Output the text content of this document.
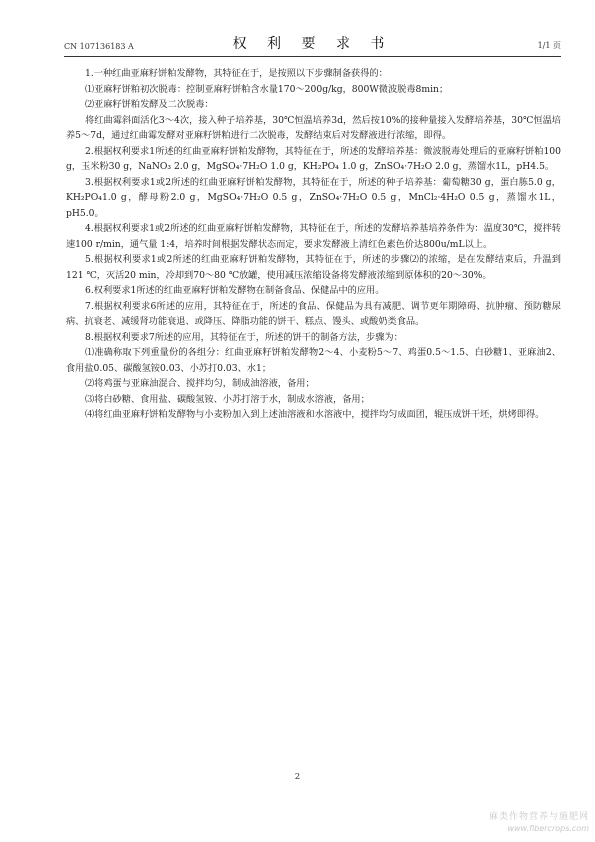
CN 107136183 A	权 利 要 求 书	1/1 页

1.一种红曲亚麻籽饼粕发酵物，其特征在于，是按照以下步骤制备获得的：

⑴亚麻籽饼粕初次脱毒：控制亚麻籽饼粕含水量170～200g/kg，800W微波脱毒8min；

⑵亚麻籽饼粕发酵及二次脱毒：

将红曲霉斜面活化3～4次，接入种子培养基，30℃恒温培养3d，然后按10%的接种量接入发酵培养基，30℃恒温培养5～7d，通过红曲霉发酵对亚麻籽饼粕进行二次脱毒，发酵结束后对发酵液进行浓缩，即得。

2.根据权利要求1所述的红曲亚麻籽饼粕发酵物，其特征在于，所述的发酵培养基：微波脱毒处理后的亚麻籽饼粕100 g，玉米粉30 g，NaNO₃ 2.0 g，MgSO₄·7H₂O 1.0 g，KH₂PO₄ 1.0 g，ZnSO₄·7H₂O 2.0 g，蒸馏水1L，pH4.5。

3.根据权利要求1或2所述的红曲亚麻籽饼粕发酵物，其特征在于，所述的种子培养基：葡萄糖30 g，蛋白胨5.0 g，KH₂PO₄1.0 g，酵母粉2.0 g，MgSO₄·7H₂O 0.5 g，ZnSO₄·7H₂O 0.5 g，MnCl₂·4H₂O 0.5 g，蒸馏水1L，pH5.0。

4.根据权利要求1或2所述的红曲亚麻籽饼粕发酵物，其特征在于，所述的发酵培养基培养条件为：温度30℃，搅拌转速100 r/min，通气量 1:4，培养时间根据发酵状态而定，要求发酵液上清红色素色价达800u/mL以上。

5.根据权利要求1或2所述的红曲亚麻籽饼粕发酵物，其特征在于，所述的步骤⑵的浓缩，是在发酵结束后，升温到121 ℃，灭活20 min，冷却到70～80 ℃放罐，使用减压浓缩设备将发酵液浓缩到原体积的20～30%。

6.权利要求1所述的红曲亚麻籽饼粕发酵物在制备食品、保健品中的应用。

7.根据权利要求6所述的应用，其特征在于，所述的食品、保健品为具有减肥、调节更年期障碍、抗肿瘤、预防糖尿病、抗衰老、减缓肾功能衰退、或降压、降脂功能的饼干、糕点、馒头、或酸奶类食品。

8.根据权利要求7所述的应用，其特征在于，所述的饼干的制备方法，步骤为：

⑴准确称取下列重量份的各组分：红曲亚麻籽饼粕发酵物2～4、小麦粉5～7、鸡蛋0.5～1.5、白砂糖1、亚麻油2、食用盐0.05、碳酸氢铵0.03、小苏打0.03、水1；

⑵将鸡蛋与亚麻油混合、搅拌均匀，制成油溶液，备用；

⑶将白砂糖、食用盐、碳酸氢铵、小苏打溶于水，制成水溶液，备用；

⑷将红曲亚麻籽饼粕发酵物与小麦粉加入到上述油溶液和水溶液中，搅拌均匀成面团，辊压成饼干坯，烘烤即得。

2
麻类作物营养与施肥网
www.fibercrops.com
